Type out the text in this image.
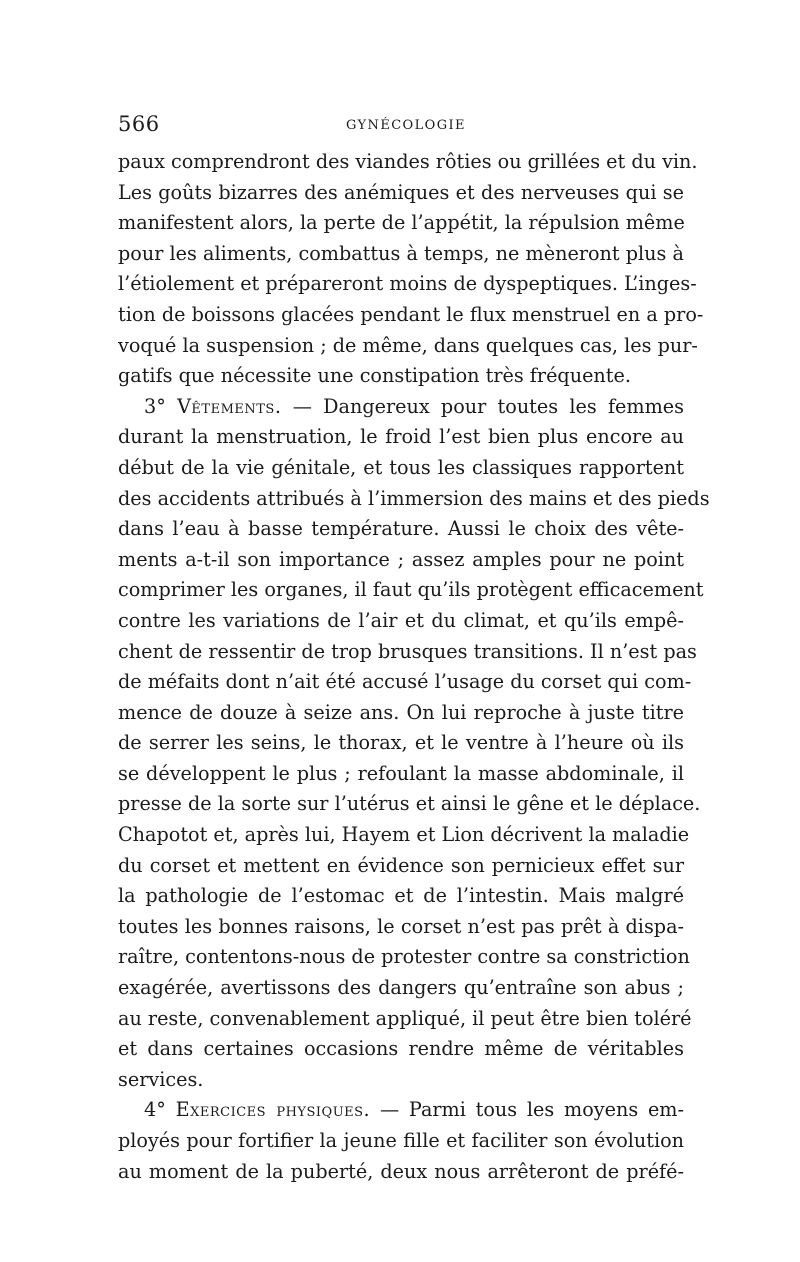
566	GYNÉCOLOGIE
paux comprendront des viandes rôties ou grillées et du vin.
Les goûts bizarres des anémiques et des nerveuses qui se
manifestent alors, la perte de l’appétit, la répulsion même
pour les aliments, combattus à temps, ne mèneront plus à
l’étiolement et prépareront moins de dyspeptiques. L’inges-
tion de boissons glacées pendant le flux menstruel en a pro-
voqué la suspension ; de même, dans quelques cas, les pur-
gatifs que nécessite une constipation très fréquente.
3° Vêtements. — Dangereux pour toutes les femmes
durant la menstruation, le froid l’est bien plus encore au
début de la vie génitale, et tous les classiques rapportent
des accidents attribués à l’immersion des mains et des pieds
dans l’eau à basse température. Aussi le choix des vête-
ments a-t-il son importance ; assez amples pour ne point
comprimer les organes, il faut qu’ils protègent efficacement
contre les variations de l’air et du climat, et qu’ils empê-
chent de ressentir de trop brusques transitions. Il n’est pas
de méfaits dont n’ait été accusé l’usage du corset qui com-
mence de douze à seize ans. On lui reproche à juste titre
de serrer les seins, le thorax, et le ventre à l’heure où ils
se développent le plus ; refoulant la masse abdominale, il
presse de la sorte sur l’utérus et ainsi le gêne et le déplace.
Chapotot et, après lui, Hayem et Lion décrivent la maladie
du corset et mettent en évidence son pernicieux effet sur
la pathologie de l’estomac et de l’intestin. Mais malgré
toutes les bonnes raisons, le corset n’est pas prêt à dispa-
raître, contentons-nous de protester contre sa constriction
exagérée, avertissons des dangers qu’entraîne son abus ;
au reste, convenablement appliqué, il peut être bien toléré
et dans certaines occasions rendre même de véritables
services.
4° Exercices physiques. — Parmi tous les moyens em-
ployés pour fortifier la jeune fille et faciliter son évolution
au moment de la puberté, deux nous arrêteront de préfé-
